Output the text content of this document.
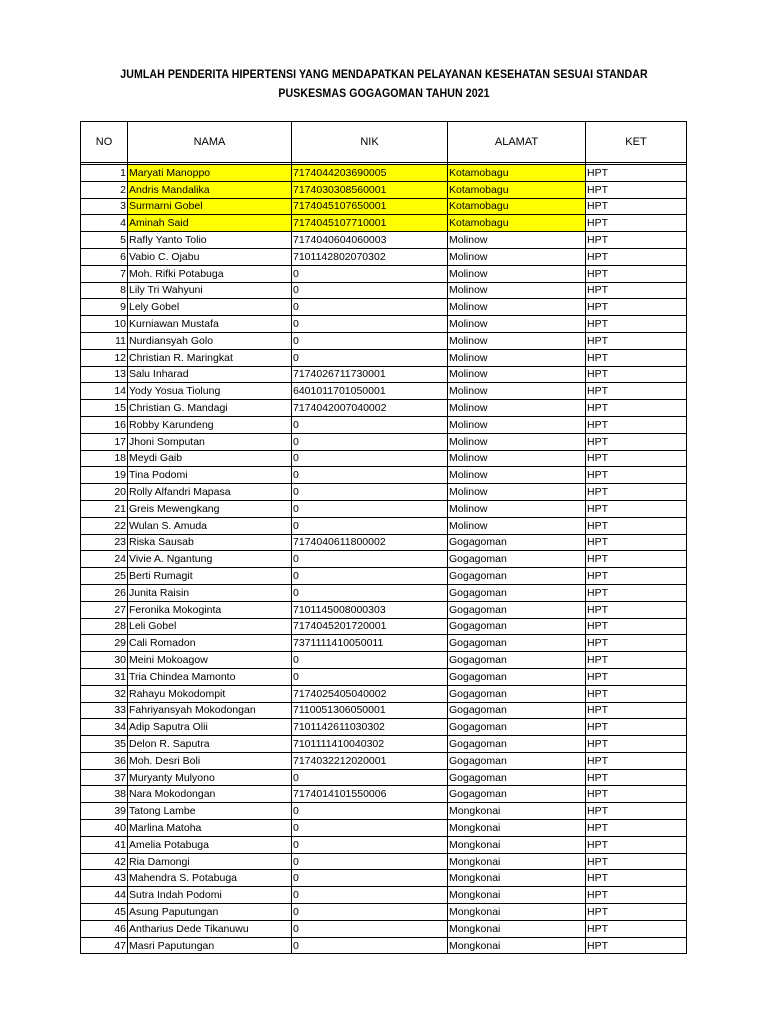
JUMLAH PENDERITA HIPERTENSI YANG MENDAPATKAN PELAYANAN KESEHATAN SESUAI STANDAR
PUSKESMAS GOGAGOMAN TAHUN 2021
NO	NAMA	NIK	ALAMAT	KET

1	Maryati Manoppo	7174044203690005	Kotamobagu	HPT
2	Andris Mandalika	7174030308560001	Kotamobagu	HPT
3	Surmarni Gobel	7174045107650001	Kotamobagu	HPT
4	Aminah Said	7174045107710001	Kotamobagu	HPT
5	Rafly Yanto Tolio	7174040604060003	Molinow	HPT
6	Vabio C. Ojabu	7101142802070302	Molinow	HPT
7	Moh. Rifki Potabuga	0	Molinow	HPT
8	Lily Tri Wahyuni	0	Molinow	HPT
9	Lely Gobel	0	Molinow	HPT
10	Kurniawan Mustafa	0	Molinow	HPT
11	Nurdiansyah Golo	0	Molinow	HPT
12	Christian R. Maringkat	0	Molinow	HPT
13	Salu Inharad	7174026711730001	Molinow	HPT
14	Yody Yosua Tiolung	6401011701050001	Molinow	HPT
15	Christian G. Mandagi	7174042007040002	Molinow	HPT
16	Robby Karundeng	0	Molinow	HPT
17	Jhoni Somputan	0	Molinow	HPT
18	Meydi Gaib	0	Molinow	HPT
19	Tina Podomi	0	Molinow	HPT
20	Rolly Alfandri Mapasa	0	Molinow	HPT
21	Greis Mewengkang	0	Molinow	HPT
22	Wulan S. Amuda	0	Molinow	HPT
23	Riska Sausab	7174040611800002	Gogagoman	HPT
24	Vivie A. Ngantung	0	Gogagoman	HPT
25	Berti Rumagit	0	Gogagoman	HPT
26	Junita Raisin	0	Gogagoman	HPT
27	Feronika Mokoginta	7101145008000303	Gogagoman	HPT
28	Leli Gobel	7174045201720001	Gogagoman	HPT
29	Cali Romadon	7371111410050011	Gogagoman	HPT
30	Meini Mokoagow	0	Gogagoman	HPT
31	Tria Chindea Mamonto	0	Gogagoman	HPT
32	Rahayu Mokodompit	7174025405040002	Gogagoman	HPT
33	Fahriyansyah Mokodongan	7110051306050001	Gogagoman	HPT
34	Adip Saputra Olii	7101142611030302	Gogagoman	HPT
35	Delon R. Saputra	7101111410040302	Gogagoman	HPT
36	Moh. Desri Boli	7174032212020001	Gogagoman	HPT
37	Muryanty Mulyono	0	Gogagoman	HPT
38	Nara Mokodongan	7174014101550006	Gogagoman	HPT
39	Tatong Lambe	0	Mongkonai	HPT
40	Marlina Matoha	0	Mongkonai	HPT
41	Amelia Potabuga	0	Mongkonai	HPT
42	Ria Damongi	0	Mongkonai	HPT
43	Mahendra S. Potabuga	0	Mongkonai	HPT
44	Sutra Indah Podomi	0	Mongkonai	HPT
45	Asung Paputungan	0	Mongkonai	HPT
46	Antharius Dede Tikanuwu	0	Mongkonai	HPT
47	Masri Paputungan	0	Mongkonai	HPT
